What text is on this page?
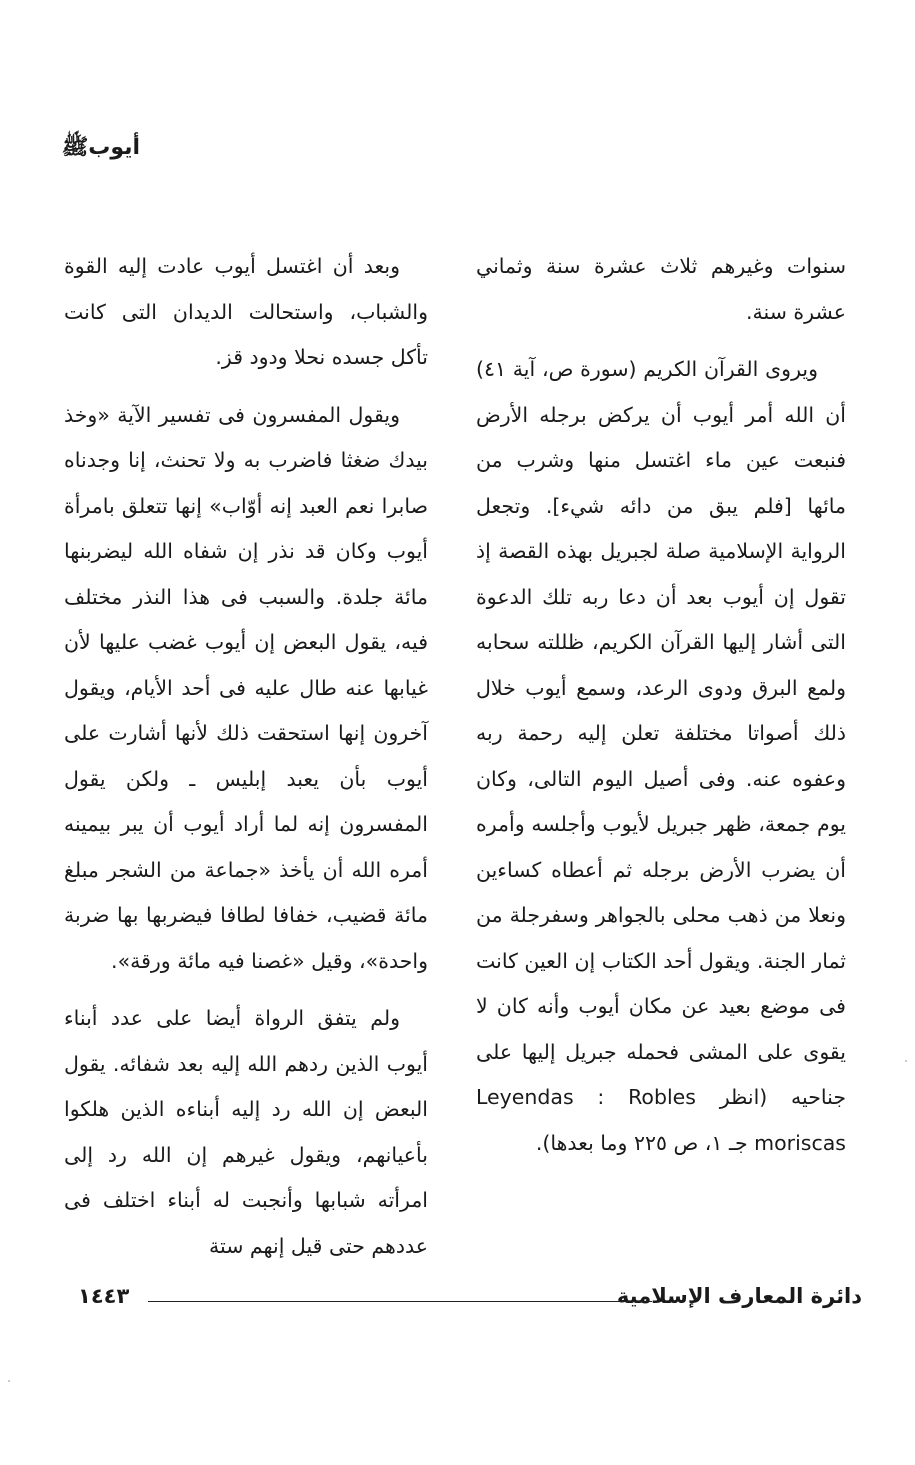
أيوبﷺ

سنوات وغيرهم ثلاث عشرة سنة وثماني عشرة سنة.

ويروى القرآن الكريم (سورة ص، آية ٤١) أن الله أمر أيوب أن يركض برجله الأرض فنبعت عين ماء اغتسل منها وشرب من مائها [فلم يبق من دائه شيء]. وتجعل الرواية الإسلامية صلة لجبريل بهذه القصة إذ تقول إن أيوب بعد أن دعا ربه تلك الدعوة التى أشار إليها القرآن الكريم، ظللته سحابه ولمع البرق ودوى الرعد، وسمع أيوب خلال ذلك أصواتا مختلفة تعلن إليه رحمة ربه وعفوه عنه. وفى أصيل اليوم التالى، وكان يوم جمعة، ظهر جبريل لأيوب وأجلسه وأمره أن يضرب الأرض برجله ثم أعطاه كساءين ونعلا من ذهب محلى بالجواهر وسفرجلة من ثمار الجنة. ويقول أحد الكتاب إن العين كانت فى موضع بعيد عن مكان أيوب وأنه كان لا يقوى على المشى فحمله جبريل إليها على جناحيه (انظر Leyendas : Robles moriscas جـ ١، ص ٢٢٥ وما بعدها).

وبعد أن اغتسل أيوب عادت إليه القوة والشباب، واستحالت الديدان التى كانت تأكل جسده نحلا ودود قز.

ويقول المفسرون فى تفسير الآية «وخذ بيدك ضغثا فاضرب به ولا تحنث، إنا وجدناه صابرا نعم العبد إنه أوّاب» إنها تتعلق بامرأة أيوب وكان قد نذر إن شفاه الله ليضربنها مائة جلدة. والسبب فى هذا النذر مختلف فيه، يقول البعض إن أيوب غضب عليها لأن غيابها عنه طال عليه فى أحد الأيام، ويقول آخرون إنها استحقت ذلك لأنها أشارت على أيوب بأن يعبد إبليس ـ ولكن يقول المفسرون إنه لما أراد أيوب أن يبر بيمينه أمره الله أن يأخذ «جماعة من الشجر مبلغ مائة قضيب، خفافا لطافا فيضربها بها ضربة واحدة»، وقيل «غصنا فيه مائة ورقة».

ولم يتفق الرواة أيضا على عدد أبناء أيوب الذين ردهم الله إليه بعد شفائه. يقول البعض إن الله رد إليه أبناءه الذين هلكوا بأعيانهم، ويقول غيرهم إن الله رد إلى امرأته شبابها وأنجبت له أبناء اختلف فى عددهم حتى قيل إنهم ستة

دائرة المعارف الإسلامية
١٤٤٣
